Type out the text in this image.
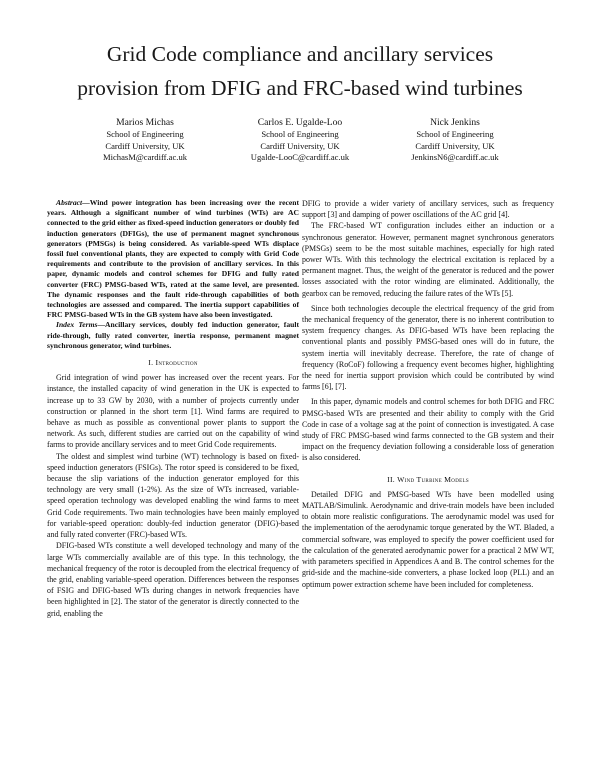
Grid Code compliance and ancillary services
provision from DFIG and FRC-based wind turbines
Marios Michas
School of Engineering
Cardiff University, UK
MichasM@cardiff.ac.uk
Carlos E. Ugalde-Loo
School of Engineering
Cardiff University, UK
Ugalde-LooC@cardiff.ac.uk
Nick Jenkins
School of Engineering
Cardiff University, UK
JenkinsN6@cardiff.ac.uk

Abstract—Wind power integration has been increasing over the recent years. Although a significant number of wind turbines (WTs) are AC connected to the grid either as fixed-speed induction generators or doubly fed induction generators (DFIGs), the use of permanent magnet synchronous generators (PMSGs) is being considered. As variable-speed WTs displace fossil fuel conventional plants, they are expected to comply with Grid Code requirements and contribute to the provision of ancillary services. In this paper, dynamic models and control schemes for DFIG and fully rated converter (FRC) PMSG-based WTs, rated at the same level, are presented. The dynamic responses and the fault ride-through capabilities of both technologies are assessed and compared. The inertia support capabilities of FRC PMSG-based WTs in the GB system have also been investigated.

Index Terms—Ancillary services, doubly fed induction generator, fault ride-through, fully rated converter, inertia response, permanent magnet synchronous generator, wind turbines.

I. Introduction

Grid integration of wind power has increased over the recent years. For instance, the installed capacity of wind generation in the UK is expected to increase up to 33 GW by 2030, with a number of projects currently under construction or planned in the short term [1]. Wind farms are required to behave as much as possible as conventional power plants to support the network. As such, different studies are carried out on the capability of wind farms to provide ancillary services and to meet Grid Code requirements.

The oldest and simplest wind turbine (WT) technology is based on fixed-speed induction generators (FSIGs). The rotor speed is considered to be fixed, because the slip variations of the induction generator employed for this technology are very small (1-2%). As the size of WTs increased, variable-speed operation technology was developed enabling the wind farms to meet Grid Code requirements. Two main technologies have been mainly employed for variable-speed operation: doubly-fed induction generator (DFIG)-based and fully rated converter (FRC)-based WTs.

DFIG-based WTs constitute a well developed technology and many of the large WTs commercially available are of this type. In this technology, the mechanical frequency of the rotor is decoupled from the electrical frequency of the grid, enabling variable-speed operation. Differences between the responses of FSIG and DFIG-based WTs during changes in network frequencies have been highlighted in [2]. The stator of the generator is directly connected to the grid, enabling the

DFIG to provide a wider variety of ancillary services, such as frequency support [3] and damping of power oscillations of the AC grid [4].

The FRC-based WT configuration includes either an induction or a synchronous generator. However, permanent magnet synchronous generators (PMSGs) seem to be the most suitable machines, especially for high rated power WTs. With this technology the electrical excitation is replaced by a permanent magnet. Thus, the weight of the generator is reduced and the power losses associated with the rotor winding are eliminated. Additionally, the gearbox can be removed, reducing the failure rates of the WTs [5].

Since both technologies decouple the electrical frequency of the grid from the mechanical frequency of the generator, there is no inherent contribution to system frequency changes. As DFIG-based WTs have been replacing the conventional plants and possibly PMSG-based ones will do in future, the system inertia will inevitably decrease. Therefore, the rate of change of frequency (RoCoF) following a frequency event becomes higher, highlighting the need for inertia support provision which could be contributed by wind farms [6], [7].

In this paper, dynamic models and control schemes for both DFIG and FRC PMSG-based WTs are presented and their ability to comply with the Grid Code in case of a voltage sag at the point of connection is investigated. A case study of FRC PMSG-based wind farms connected to the GB system and their impact on the frequency deviation following a considerable loss of generation is also considered.

II. Wind Turbine Models

Detailed DFIG and PMSG-based WTs have been modelled using MATLAB/Simulink. Aerodynamic and drive-train models have been included to obtain more realistic configurations. The aerodynamic model was used for the implementation of the aerodynamic torque generated by the WT. Bladed, a commercial software, was employed to specify the power coefficient used for the calculation of the generated aerodynamic power for a practical 2 MW WT, with parameters specified in Appendices A and B. The control schemes for the grid-side and the machine-side converters, a phase locked loop (PLL) and an optimum power extraction scheme have been included for completeness.
